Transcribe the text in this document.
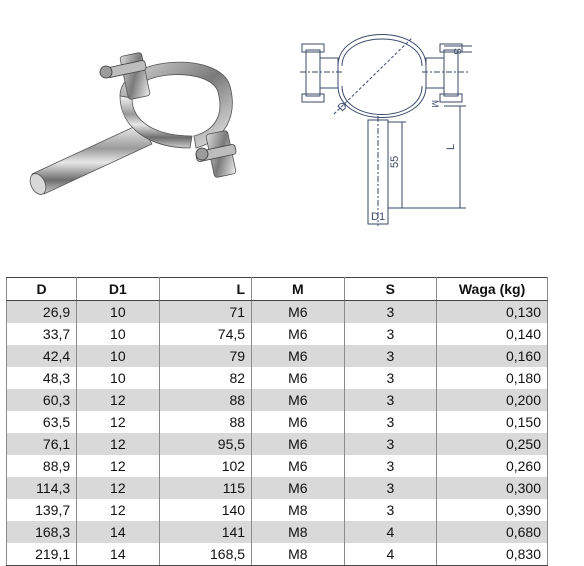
D
S
M
L
55
D1
D	D1	L	M	S	Waga (kg)
26,9	10	71	M6	3	0,130
33,7	10	74,5	M6	3	0,140
42,4	10	79	M6	3	0,160
48,3	10	82	M6	3	0,180
60,3	12	88	M6	3	0,200
63,5	12	88	M6	3	0,150
76,1	12	95,5	M6	3	0,250
88,9	12	102	M6	3	0,260
114,3	12	115	M6	3	0,300
139,7	12	140	M8	3	0,390
168,3	14	141	M8	4	0,680
219,1	14	168,5	M8	4	0,830
